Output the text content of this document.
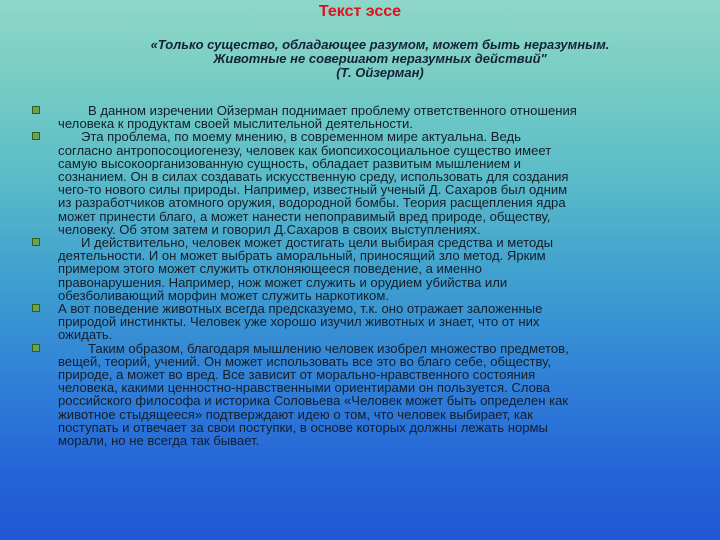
Текст эссе
«Только существо, обладающее разумом, может быть неразумным.
Животные не совершают неразумных действий"
(Т. Ойзерман)
В данном изречении Ойзерман поднимает проблему ответственного отношения
человека к продуктам своей мыслительной деятельности.
Эта проблема, по моему мнению, в современном мире актуальна. Ведь
согласно антропосоциогенезу, человек как биопсихосоциальное существо имеет
самую высокоорганизованную сущность, обладает развитым мышлением и
сознанием. Он в силах создавать искусственную среду, использовать для создания
чего-то нового силы природы. Например, известный ученый Д. Сахаров был одним
из разработчиков атомного оружия, водородной бомбы. Теория расщепления ядра
может принести благо, а может нанести непоправимый вред природе, обществу,
человеку. Об этом затем и говорил Д.Сахаров в своих выступлениях.
И действительно, человек может достигать цели выбирая средства и методы
деятельности. И он может выбрать аморальный, приносящий зло метод. Ярким
примером этого может служить отклоняющееся поведение, а именно
правонарушения. Например, нож может служить и орудием убийства или
обезболивающий морфин может служить наркотиком.
А вот поведение животных всегда предсказуемо, т.к. оно отражает заложенные
природой инстинкты. Человек уже хорошо изучил животных и знает, что от них
ожидать.
Таким образом, благодаря мышлению человек изобрел множество предметов,
вещей, теорий, учений. Он может использовать все это во благо себе, обществу,
природе, а может во вред. Все зависит от морально-нравственного состояния
человека, какими ценностно-нравственными ориентирами он пользуется. Слова
российского философа и историка Соловьева «Человек может быть определен как
животное стыдящееся» подтверждают идею о том, что человек выбирает, как
поступать и отвечает за свои поступки, в основе которых должны лежать нормы
морали, но не всегда так бывает.
